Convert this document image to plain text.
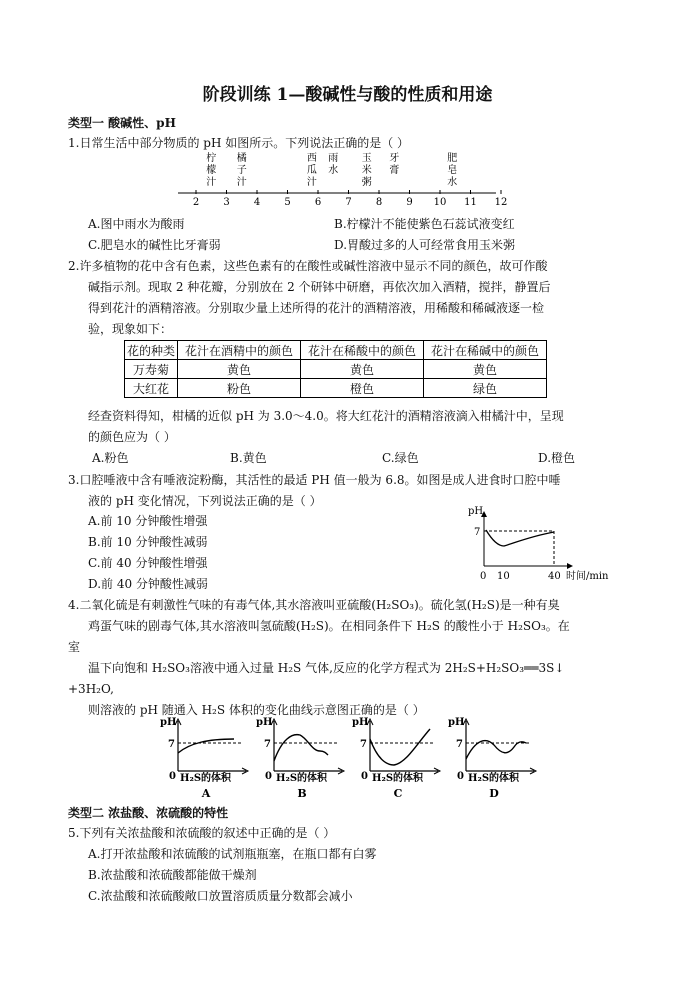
阶段训练 1—酸碱性与酸的性质和用途
类型一 酸碱性、pH
1.日常生活中部分物质的 pH 如图所示。下列说法正确的是（ ）
柠
檬
汁
橘
子
汁
西
瓜
汁
雨
水
玉
米
粥
牙
膏
肥
皂
水
2 3 4 5 6 7 8 9 10 11 12
A.图中雨水为酸雨	B.柠檬汁不能使紫色石蕊试液变红
C.肥皂水的碱性比牙膏弱	D.胃酸过多的人可经常食用玉米粥
2.许多植物的花中含有色素，这些色素有的在酸性或碱性溶液中显示不同的颜色，故可作酸
碱指示剂。现取 2 种花瓣，分别放在 2 个研钵中研磨，再依次加入酒精，搅拌，静置后
得到花汁的酒精溶液。分别取少量上述所得的花汁的酒精溶液，用稀酸和稀碱液逐一检
验，现象如下：
花的种类	花汁在酒精中的颜色	花汁在稀酸中的颜色	花汁在稀碱中的颜色
万寿菊	黄色	黄色	黄色
大红花	粉色	橙色	绿色
经查资料得知，柑橘的近似 pH 为 3.0～4.0。将大红花汁的酒精溶液滴入柑橘汁中，呈现
的颜色应为（ ）
A.粉色	B.黄色	C.绿色	D.橙色
3.口腔唾液中含有唾液淀粉酶，其活性的最适 PH 值一般为 6.8。如图是成人进食时口腔中唾
液的 pH 变化情况，下列说法正确的是（ ）
A.前 10 分钟酸性增强
B.前 10 分钟酸性减弱
C.前 40 分钟酸性增强
D.前 40 分钟酸性减弱
pH
7
0 10	40 时间/min
4.二氧化硫是有刺激性气味的有毒气体,其水溶液叫亚硫酸(H₂SO₃)。硫化氢(H₂S)是一种有臭
鸡蛋气味的剧毒气体,其水溶液叫氢硫酸(H₂S)。在相同条件下 H₂S 的酸性小于 H₂SO₃。在
室
温下向饱和 H₂SO₃溶液中通入过量 H₂S 气体,反应的化学方程式为 2H₂S+H₂SO₃══3S↓
+3H₂O,
则溶液的 pH 随通入 H₂S 体积的变化曲线示意图正确的是（ ）
pH
7
0 H₂S的体积
A
pH
7
0 H₂S的体积
B
pH
7
0 H₂S的体积
C
pH
7
0 H₂S的体积
D
类型二 浓盐酸、浓硫酸的特性
5.下列有关浓盐酸和浓硫酸的叙述中正确的是（ ）
A.打开浓盐酸和浓硫酸的试剂瓶瓶塞，在瓶口都有白雾
B.浓盐酸和浓硫酸都能做干燥剂
C.浓盐酸和浓硫酸敞口放置溶质质量分数都会减小
